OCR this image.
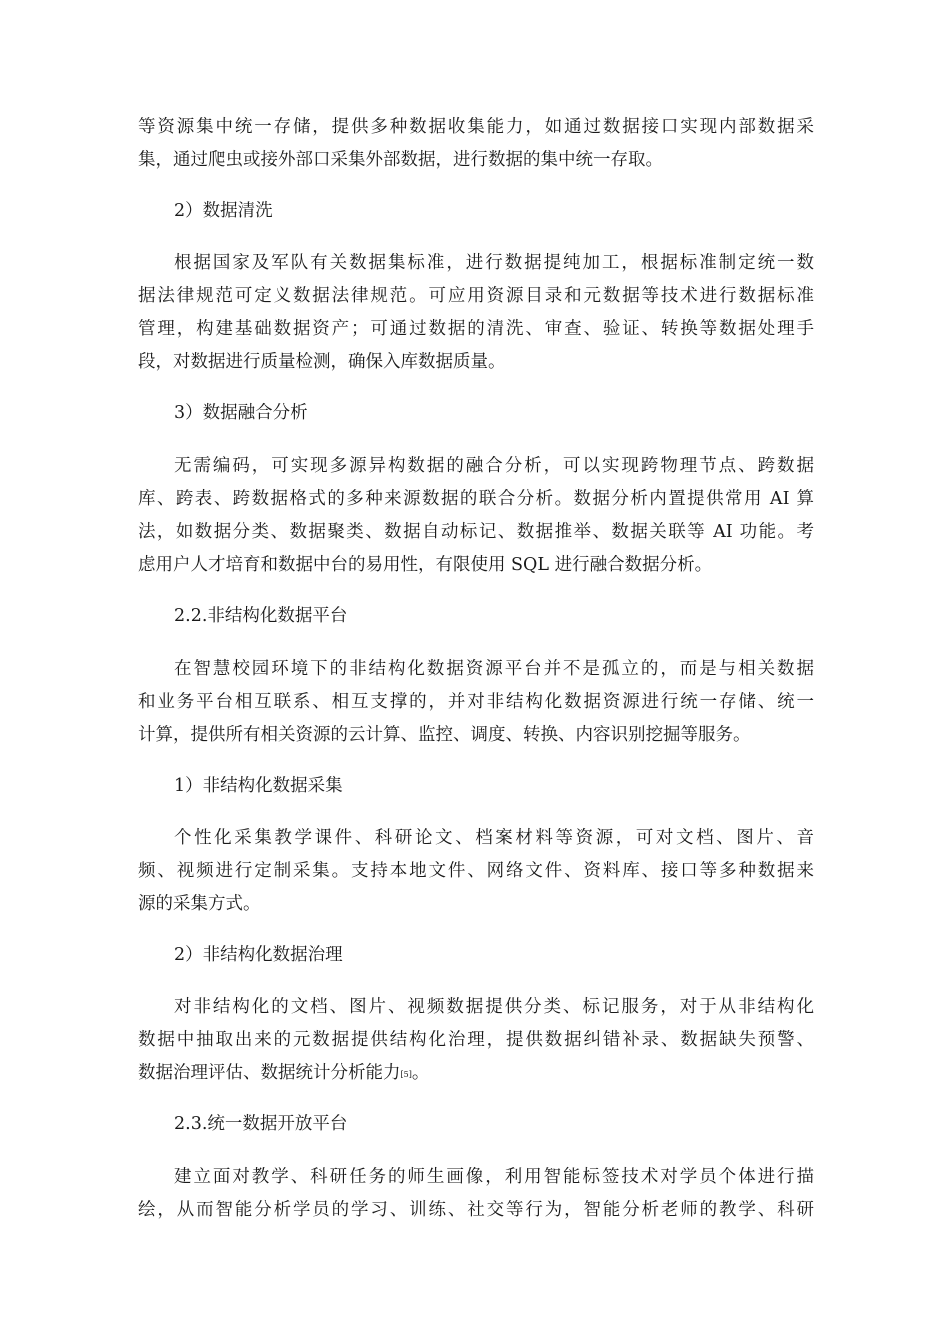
等资源集中统一存储，提供多种数据收集能力，如通过数据接口实现内部数据采
集，通过爬虫或接外部口采集外部数据，进行数据的集中统一存取。
2）数据清洗
根据国家及军队有关数据集标准，进行数据提纯加工，根据标准制定统一数
据法律规范可定义数据法律规范。可应用资源目录和元数据等技术进行数据标准
管理，构建基础数据资产；可通过数据的清洗、审查、验证、转换等数据处理手
段，对数据进行质量检测，确保入库数据质量。
3）数据融合分析
无需编码，可实现多源异构数据的融合分析，可以实现跨物理节点、跨数据
库、跨表、跨数据格式的多种来源数据的联合分析。数据分析内置提供常用 AI 算
法，如数据分类、数据聚类、数据自动标记、数据推举、数据关联等 AI 功能。考
虑用户人才培育和数据中台的易用性，有限使用 SQL 进行融合数据分析。
2.2.非结构化数据平台
在智慧校园环境下的非结构化数据资源平台并不是孤立的，而是与相关数据
和业务平台相互联系、相互支撑的，并对非结构化数据资源进行统一存储、统一
计算，提供所有相关资源的云计算、监控、调度、转换、内容识别挖掘等服务。
1）非结构化数据采集
个性化采集教学课件、科研论文、档案材料等资源，可对文档、图片、音
频、视频进行定制采集。支持本地文件、网络文件、资料库、接口等多种数据来
源的采集方式。
2）非结构化数据治理
对非结构化的文档、图片、视频数据提供分类、标记服务，对于从非结构化
数据中抽取出来的元数据提供结构化治理，提供数据纠错补录、数据缺失预警、
数据治理评估、数据统计分析能力[5]。
2.3.统一数据开放平台
建立面对教学、科研任务的师生画像，利用智能标签技术对学员个体进行描
绘，从而智能分析学员的学习、训练、社交等行为，智能分析老师的教学、科研
